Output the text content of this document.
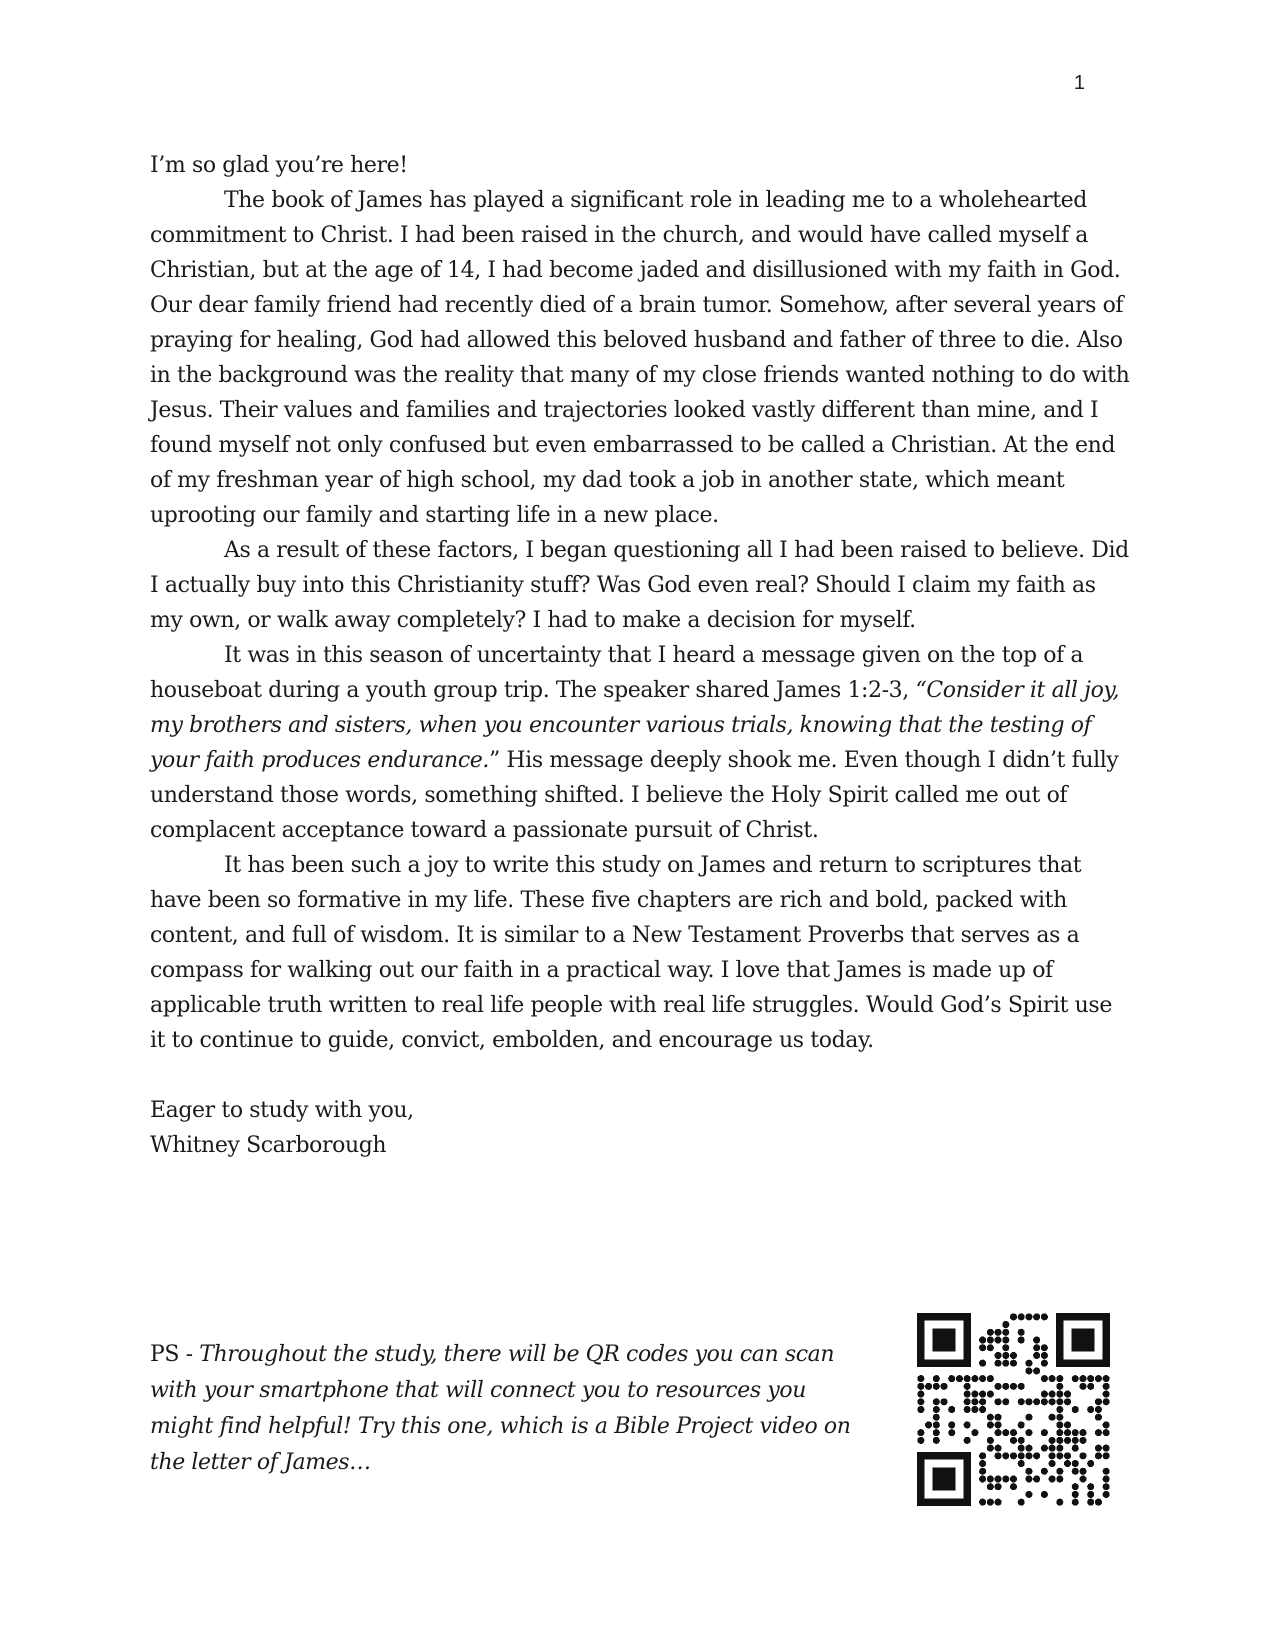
1

I’m so glad you’re here!

The book of James has played a significant role in leading me to a wholehearted commitment to Christ. I had been raised in the church, and would have called myself a Christian, but at the age of 14, I had become jaded and disillusioned with my faith in God. Our dear family friend had recently died of a brain tumor. Somehow, after several years of praying for healing, God had allowed this beloved husband and father of three to die. Also in the background was the reality that many of my close friends wanted nothing to do with Jesus. Their values and families and trajectories looked vastly different than mine, and I found myself not only confused but even embarrassed to be called a Christian. At the end of my freshman year of high school, my dad took a job in another state, which meant uprooting our family and starting life in a new place.

As a result of these factors, I began questioning all I had been raised to believe. Did I actually buy into this Christianity stuff? Was God even real? Should I claim my faith as my own, or walk away completely? I had to make a decision for myself.

It was in this season of uncertainty that I heard a message given on the top of a houseboat during a youth group trip. The speaker shared James 1:2-3, “Consider it all joy, my brothers and sisters, when you encounter various trials, knowing that the testing of your faith produces endurance.” His message deeply shook me. Even though I didn’t fully understand those words, something shifted. I believe the Holy Spirit called me out of complacent acceptance toward a passionate pursuit of Christ.

It has been such a joy to write this study on James and return to scriptures that have been so formative in my life. These five chapters are rich and bold, packed with content, and full of wisdom. It is similar to a New Testament Proverbs that serves as a compass for walking out our faith in a practical way. I love that James is made up of applicable truth written to real life people with real life struggles. Would God’s Spirit use it to continue to guide, convict, embolden, and encourage us today.

Eager to study with you,

Whitney Scarborough

PS - Throughout the study, there will be QR codes you can scan with your smartphone that will connect you to resources you might find helpful! Try this one, which is a Bible Project video on the letter of James…
